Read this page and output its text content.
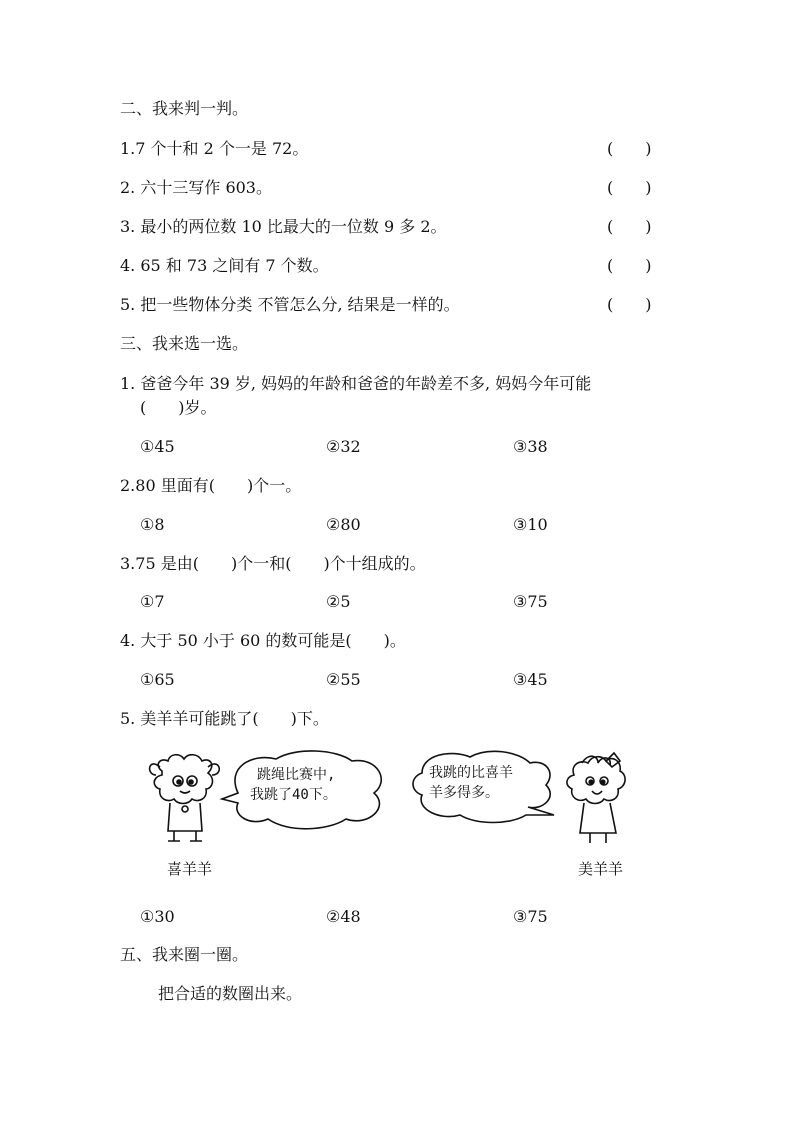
二、我来判一判。
1.7 个十和 2 个一是 72。	(　　)
2. 六十三写作 603。	(　　)
3. 最小的两位数 10 比最大的一位数 9 多 2。	(　　)
4. 65 和 73 之间有 7 个数。	(　　)
5. 把一些物体分类 不管怎么分, 结果是一样的。	(　　)
三、我来选一选。
1. 爸爸今年 39 岁, 妈妈的年龄和爸爸的年龄差不多, 妈妈今年可能
(　　)岁。
①45	②32	③38
2.80 里面有(　　)个一。
①8	②80	③10
3.75 是由(　　)个一和(　　)个十组成的。
①7	②5	③75
4. 大于 50 小于 60 的数可能是(　　)。
①65	②55	③45
5. 美羊羊可能跳了(　　)下。
跳绳比赛中,
我跳了40下。
我跳的比喜羊
羊多得多。
喜羊羊	美羊羊
①30	②48	③75
五、我来圈一圈。
把合适的数圈出来。
